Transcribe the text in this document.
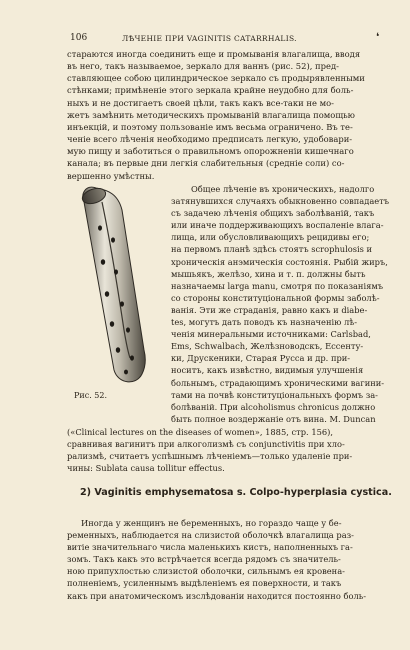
106	ЛѢЧЕНІЕ ПРИ VAGINITIS CATARRHALIS.	❛
стараются иногда соединить еще и промыванія влагалища, вводя
въ него, такъ называемое, зеркало для ваннъ (рис. 52), пред-
ставляющее собою цилиндрическое зеркало съ продырявленными
стѣнками; примѣненіе этого зеркала крайне неудобно для боль-
ныхъ и не достигаетъ своей цѣли, такъ какъ все-таки не мо-
жетъ замѣнить методическихъ промываній влагалища помощью
инъекцій, и поэтому пользованіе имъ весьма ограничено. Въ те-
ченіе всего лѣченія необходимо предписать легкую, удобовари-
мую пищу и заботиться о правильномъ опорожненіи кишечнаго
канала; въ первые дни легкія слабительныя (средніе соли) со-
вершенно умѣстны.
Рис. 52.
Общее лѣченіе въ хроническихъ, надолго
затянувшихся случаяхъ обыкновенно совпадаетъ
съ задачею лѣченія общихъ заболѣваній, такъ
или иначе поддерживающихъ воспаленіе влага-
лища, или обусловливающихъ рецидивы его;
на первомъ планѣ здѣсь стоятъ scrophulosis и
хроническія анэмическія состоянія. Рыбій жиръ,
мышьякъ, желѣзо, хина и т. п. должны быть
назначаемы larga manu, смотря по показаніямъ
со стороны конституціональной формы заболѣ-
ванія. Эти же страданія, равно какъ и diabe-
tes, могутъ дать поводъ къ назначенію лѣ-
ченія минеральными источниками: Carlsbad,
Ems, Schwalbach, Желѣзноводскъ, Ессенту-
ки, Друскеники, Старая Русса и др. при-
носитъ, какъ извѣстно, видимыя улучшенія
больнымъ, страдающимъ хроническими вагини-
тами на почвѣ конституціональныхъ формъ за-
болѣваній. При alcoholismus chronicus должно
быть полное воздержаніе отъ вина. M. Duncan
(«Clinical lectures on the diseases of women», 1885, стр. 156),
сравнивая вагинитъ при алкоголизмѣ съ conjunctivitis при хло-
рализмѣ, считаетъ успѣшнымъ лѣченіемъ—только удаленіе при-
чины: Sublata causa tollitur effectus.
2) Vaginitis emphysematosa s. Colpo-hyperplasia cystica.
Иногда у женщинъ не беременныхъ, но гораздо чаще у бе-
ременныхъ, наблюдается на слизистой оболочкѣ влагалища раз-
витіе значительнаго числа маленькихъ кистъ, наполненныхъ га-
зомъ. Такъ какъ это встрѣчается всегда рядомъ съ значитель-
ною припухлостью слизистой оболочки, сильнымъ ея кровена-
полненіемъ, усиленнымъ выдѣленіемъ ея поверхности, и такъ
какъ при анатомическомъ изслѣдованіи находится постоянно боль-
